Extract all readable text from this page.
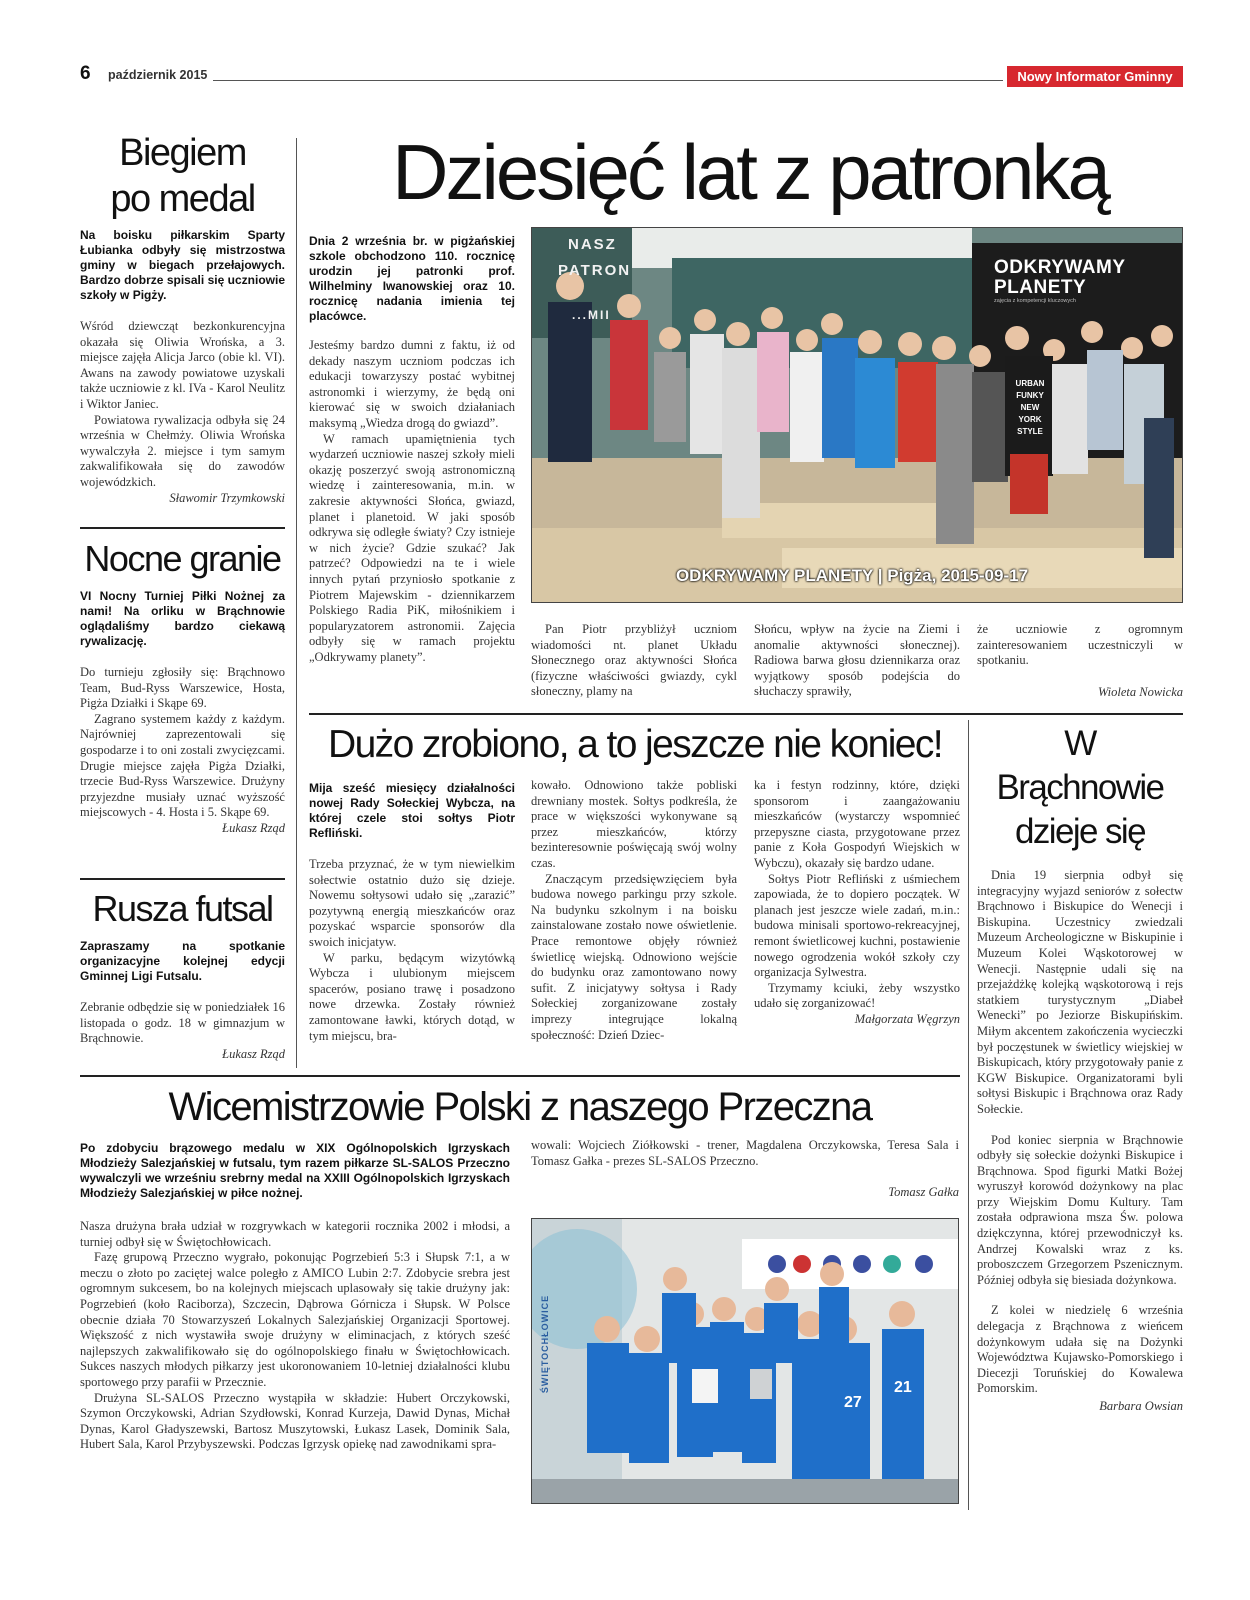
6 październik 2015	Nowy Informator Gminny
Biegiem
po medal
Na boisku piłkarskim Sparty Łubianka odbyły się mistrzostwa gminy w biegach przełajowych. Bardzo dobrze spisali się uczniowie szkoły w Pigży.

Wśród dziewcząt bezkonkurencyjna okazała się Oliwia Wrońska, a 3. miejsce zajęła Alicja Jarco (obie kl. VI). Awans na zawody powiatowe uzyskali także uczniowie z kl. IVa - Karol Neulitz i Wiktor Janiec.

Powiatowa rywalizacja odbyła się 24 września w Chełmży. Oliwia Wrońska wywalczyła 2. miejsce i tym samym zakwalifikowała się do zawodów wojewódzkich.

Sławomir Trzymkowski
Nocne granie
VI Nocny Turniej Piłki Nożnej za nami! Na orliku w Brąchnowie oglądaliśmy bardzo ciekawą rywalizację.

Do turnieju zgłosiły się: Brąchnowo Team, Bud-Ryss Warszewice, Hosta, Pigża Działki i Skąpe 69.

Zagrano systemem każdy z każdym. Najrówniej zaprezentowali się gospodarze i to oni zostali zwycięzcami. Drugie miejsce zajęła Pigża Działki, trzecie Bud-Ryss Warszewice. Drużyny przyjezdne musiały uznać wyższość miejscowych - 4. Hosta i 5. Skąpe 69.

Łukasz Rząd
Rusza futsal
Zapraszamy na spotkanie organizacyjne kolejnej edycji Gminnej Ligi Futsalu.

Zebranie odbędzie się w poniedziałek 16 listopada o godz. 18 w gimnazjum w Brąchnowie.

Łukasz Rząd
Dziesięć lat z patronką
Dnia 2 września br. w pigżańskiej szkole obchodzono 110. rocznicę urodzin jej patronki prof. Wilhelminy Iwanowskiej oraz 10. rocznicę nadania imienia tej placówce.

Jesteśmy bardzo dumni z faktu, iż od dekady naszym uczniom podczas ich edukacji towarzyszy postać wybitnej astronomki i wierzymy, że będą oni kierować się w swoich działaniach maksymą „Wiedza drogą do gwiazd”.

W ramach upamiętnienia tych wydarzeń uczniowie naszej szkoły mieli okazję poszerzyć swoją astronomiczną wiedzę i zainteresowania, m.in. w zakresie aktywności Słońca, gwiazd, planet i planetoid. W jaki sposób odkrywa się odległe światy? Czy istnieje w nich życie? Gdzie szukać? Jak patrzeć? Odpowiedzi na te i wiele innych pytań przyniosło spotkanie z Piotrem Majewskim - dziennikarzem Polskiego Radia PiK, miłośnikiem i popularyzatorem astronomii. Zajęcia odbyły się w ramach projektu „Odkrywamy planety”.

NASZ
PATRON
...MII
ODKRYWAMY
PLANETY
zajęcia z kompetencji kluczowych
URBAN
FUNKY
NEW YORK
STYLE
ODKRYWAMY PLANETY | Pigża, 2015-09-17

Pan Piotr przybliżył uczniom wiadomości nt. planet Układu Słonecznego oraz aktywności Słońca (fizyczne właściwości gwiazdy, cykl słoneczny, plamy na

Słońcu, wpływ na życie na Ziemi i anomalie aktywności słonecznej). Radiowa barwa głosu dziennikarza oraz wyjątkowy sposób podejścia do słuchaczy sprawiły,

że uczniowie z ogromnym zainteresowaniem uczestniczyli w spotkaniu.

Wioleta Nowicka
Dużo zrobiono, a to jeszcze nie koniec!
Mija sześć miesięcy działalności nowej Rady Sołeckiej Wybcza, na której czele stoi sołtys Piotr Refliński.

Trzeba przyznać, że w tym niewielkim sołectwie ostatnio dużo się dzieje. Nowemu sołtysowi udało się „zarazić” pozytywną energią mieszkańców oraz pozyskać wsparcie sponsorów dla swoich inicjatyw.

W parku, będącym wizytówką Wybcza i ulubionym miejscem spacerów, posiano trawę i posadzono nowe drzewka. Zostały również zamontowane ławki, których dotąd, w tym miejscu, bra-

kowało. Odnowiono także pobliski drewniany mostek. Sołtys podkreśla, że prace w większości wykonywane są przez mieszkańców, którzy bezinteresownie poświęcają swój wolny czas.

Znaczącym przedsięwzięciem była budowa nowego parkingu przy szkole. Na budynku szkolnym i na boisku zainstalowane zostało nowe oświetlenie. Prace remontowe objęły również świetlicę wiejską. Odnowiono wejście do budynku oraz zamontowano nowy sufit. Z inicjatywy sołtysa i Rady Sołeckiej zorganizowane zostały imprezy integrujące lokalną społeczność: Dzień Dziec-

ka i festyn rodzinny, które, dzięki sponsorom i zaangażowaniu mieszkańców (wystarczy wspomnieć przepyszne ciasta, przygotowane przez panie z Koła Gospodyń Wiejskich w Wybczu), okazały się bardzo udane.

Sołtys Piotr Refliński z uśmiechem zapowiada, że to dopiero początek. W planach jest jeszcze wiele zadań, m.in.: budowa minisali sportowo-rekreacyjnej, remont świetlicowej kuchni, postawienie nowego ogrodzenia wokół szkoły czy organizacja Sylwestra.

Trzymamy kciuki, żeby wszystko udało się zorganizować!

Małgorzata Węgrzyn
W Brąchnowie
dzieje się

Dnia 19 sierpnia odbył się integracyjny wyjazd seniorów z sołectw Brąchnowo i Biskupice do Wenecji i Biskupina. Uczestnicy zwiedzali Muzeum Archeologiczne w Biskupinie i Muzeum Kolei Wąskotorowej w Wenecji. Następnie udali się na przejażdżkę kolejką wąskotorową i rejs statkiem turystycznym „Diabeł Wenecki” po Jeziorze Biskupińskim. Miłym akcentem zakończenia wycieczki był poczęstunek w świetlicy wiejskiej w Biskupicach, który przygotowały panie z KGW Biskupice. Organizatorami byli sołtysi Biskupic i Brąchnowa oraz Rady Sołeckie.

Pod koniec sierpnia w Brąchnowie odbyły się sołeckie dożynki Biskupice i Brąchnowa. Spod figurki Matki Bożej wyruszył korowód dożynkowy na plac przy Wiejskim Domu Kultury. Tam została odprawiona msza Św. polowa dziękczynna, której przewodniczył ks. Andrzej Kowalski wraz z ks. proboszczem Grzegorzem Pszenicznym. Później odbyła się biesiada dożynkowa.

Z kolei w niedzielę 6 września delegacja z Brąchnowa z wieńcem dożynkowym udała się na Dożynki Województwa Kujawsko-Pomorskiego i Diecezji Toruńskiej do Kowalewa Pomorskim.

Barbara Owsian
Wicemistrzowie Polski z naszego Przeczna
Po zdobyciu brązowego medalu w XIX Ogólnopolskich Igrzyskach Młodzieży Salezjańskiej w futsalu, tym razem piłkarze SL-SALOS Przeczno wywalczyli we wrześniu srebrny medal na XXIII Ogólnopolskich Igrzyskach Młodzieży Salezjańskiej w piłce nożnej.

Nasza drużyna brała udział w rozgrywkach w kategorii rocznika 2002 i młodsi, a turniej odbył się w Świętochłowicach.

Fazę grupową Przeczno wygrało, pokonując Pogrzebień 5:3 i Słupsk 7:1, a w meczu o złoto po zaciętej walce poległo z AMICO Lubin 2:7. Zdobycie srebra jest ogromnym sukcesem, bo na kolejnych miejscach uplasowały się takie drużyny jak: Pogrzebień (koło Raciborza), Szczecin, Dąbrowa Górnicza i Słupsk. W Polsce obecnie działa 70 Stowarzyszeń Lokalnych Salezjańskiej Organizacji Sportowej. Większość z nich wystawiła swoje drużyny w eliminacjach, z których sześć najlepszych zakwalifikowało się do ogólnopolskiego finału w Świętochłowicach. Sukces naszych młodych piłkarzy jest ukoronowaniem 10-letniej działalności klubu sportowego przy parafii w Przecznie.

Drużyna SL-SALOS Przeczno wystąpiła w składzie: Hubert Orczykowski, Szymon Orczykowski, Adrian Szydłowski, Konrad Kurzeja, Dawid Dynas, Michał Dynas, Karol Gładyszewski, Bartosz Muszytowski, Łukasz Lasek, Dominik Sala, Hubert Sala, Karol Przybyszewski. Podczas Igrzysk opiekę nad zawodnikami spra-

wowali: Wojciech Ziółkowski - trener, Magdalena Orczykowska, Teresa Sala i Tomasz Gałka - prezes SL-SALOS Przeczno.

Tomasz Gałka
27
21
ŚWIĘTOCHŁOWICE
